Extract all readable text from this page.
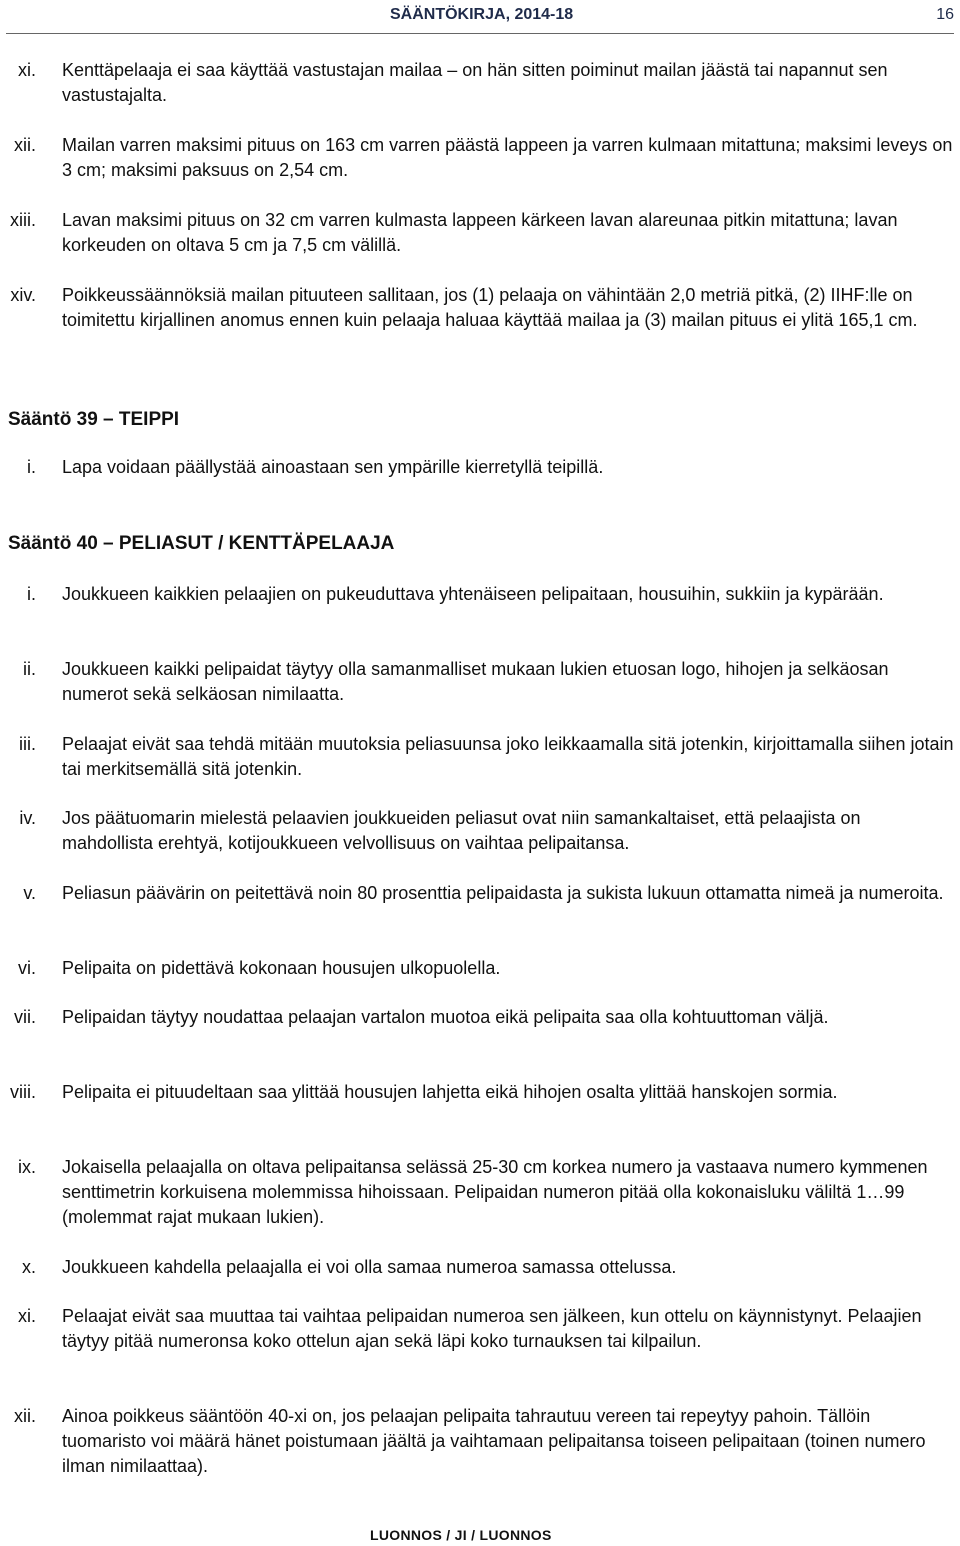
SÄÄNTÖKIRJA, 2014-18	16
xi. Kenttäpelaaja ei saa käyttää vastustajan mailaa – on hän sitten poiminut mailan jäästä tai napannut sen vastustajalta.
xii. Mailan varren maksimi pituus on 163 cm varren päästä lappeen ja varren kulmaan mitattuna; maksimi leveys on 3 cm; maksimi paksuus on 2,54 cm.
xiii. Lavan maksimi pituus on 32 cm varren kulmasta lappeen kärkeen lavan alareunaa pitkin mitattuna; lavan korkeuden on oltava 5 cm ja 7,5 cm välillä.
xiv. Poikkeussäännöksiä mailan pituuteen sallitaan, jos (1) pelaaja on vähintään 2,0 metriä pitkä, (2) IIHF:lle on toimitettu kirjallinen anomus ennen kuin pelaaja haluaa käyttää mailaa ja (3) mailan pituus ei ylitä 165,1 cm.
Sääntö 39 – TEIPPI
i. Lapa voidaan päällystää ainoastaan sen ympärille kierretyllä teipillä.
Sääntö 40 – PELIASUT / KENTTÄPELAAJA
i. Joukkueen kaikkien pelaajien on pukeuduttava yhtenäiseen pelipaitaan, housuihin, sukkiin ja kypärään.
ii. Joukkueen kaikki pelipaidat täytyy olla samanmalliset mukaan lukien etuosan logo, hihojen ja selkäosan numerot sekä selkäosan nimilaatta.
iii. Pelaajat eivät saa tehdä mitään muutoksia peliasuunsa joko leikkaamalla sitä jotenkin, kirjoittamalla siihen jotain tai merkitsemällä sitä jotenkin.
iv. Jos päätuomarin mielestä pelaavien joukkueiden peliasut ovat niin samankaltaiset, että pelaajista on mahdollista erehtyä, kotijoukkueen velvollisuus on vaihtaa pelipaitansa.
v. Peliasun päävärin on peitettävä noin 80 prosenttia pelipaidasta ja sukista lukuun ottamatta nimeä ja numeroita.
vi. Pelipaita on pidettävä kokonaan housujen ulkopuolella.
vii. Pelipaidan täytyy noudattaa pelaajan vartalon muotoa eikä pelipaita saa olla kohtuuttoman väljä.
viii. Pelipaita ei pituudeltaan saa ylittää housujen lahjetta eikä hihojen osalta ylittää hanskojen sormia.
ix. Jokaisella pelaajalla on oltava pelipaitansa selässä 25-30 cm korkea numero ja vastaava numero kymmenen senttimetrin korkuisena molemmissa hihoissaan. Pelipaidan numeron pitää olla kokonaisluku väliltä 1…99 (molemmat rajat mukaan lukien).
x. Joukkueen kahdella pelaajalla ei voi olla samaa numeroa samassa ottelussa.
xi. Pelaajat eivät saa muuttaa tai vaihtaa pelipaidan numeroa sen jälkeen, kun ottelu on käynnistynyt. Pelaajien täytyy pitää numeronsa koko ottelun ajan sekä läpi koko turnauksen tai kilpailun.
xii. Ainoa poikkeus sääntöön 40-xi on, jos pelaajan pelipaita tahrautuu vereen tai repeytyy pahoin. Tällöin tuomaristo voi määrä hänet poistumaan jäältä ja vaihtamaan pelipaitansa toiseen pelipaitaan (toinen numero ilman nimilaattaa).
LUONNOS / JI / LUONNOS
